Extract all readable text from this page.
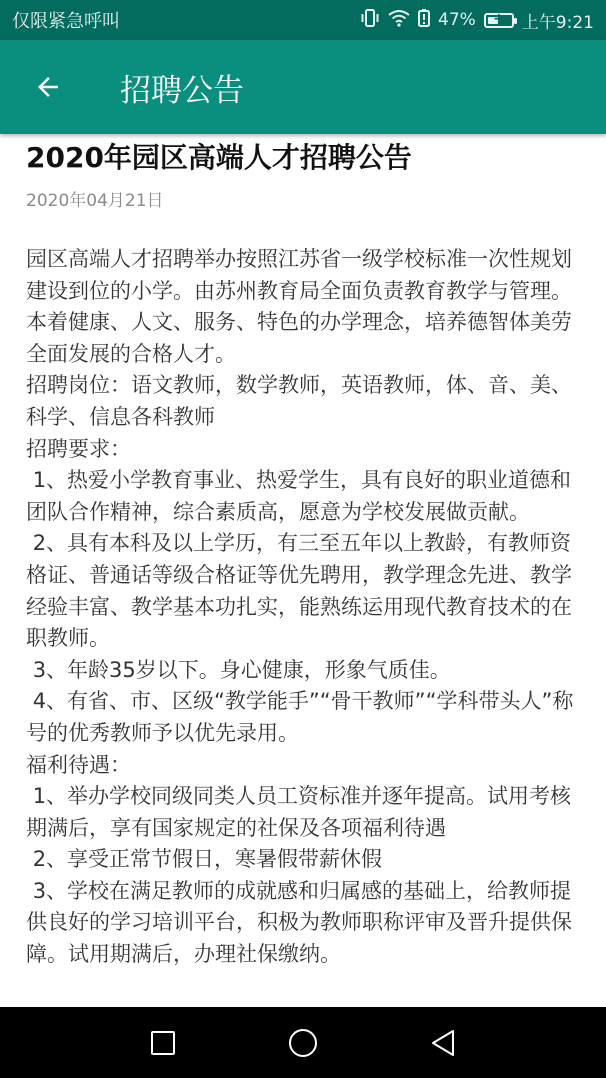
仅限紧急呼叫	47%	+	上午9:21
招聘公告
2020年园区高端人才招聘公告
2020年04月21日

园区高端人才招聘举办按照江苏省一级学校标准一次性规划建设到位的小学。由苏州教育局全面负责教育教学与管理。本着健康、人文、服务、特色的办学理念，培养德智体美劳全面发展的合格人才。

招聘岗位：语文教师，数学教师，英语教师，体、音、美、科学、信息各科教师

招聘要求：

1、热爱小学教育事业、热爱学生，具有良好的职业道德和团队合作精神，综合素质高，愿意为学校发展做贡献。

2、具有本科及以上学历，有三至五年以上教龄，有教师资格证、普通话等级合格证等优先聘用，教学理念先进、教学经验丰富、教学基本功扎实，能熟练运用现代教育技术的在职教师。

3、年龄35岁以下。身心健康，形象气质佳。

4、有省、市、区级“教学能手”“骨干教师”“学科带头人”称号的优秀教师予以优先录用。

福利待遇：

1、举办学校同级同类人员工资标准并逐年提高。试用考核期满后，享有国家规定的社保及各项福利待遇

2、享受正常节假日，寒暑假带薪休假

3、学校在满足教师的成就感和归属感的基础上，给教师提供良好的学习培训平台，积极为教师职称评审及晋升提供保障。试用期满后，办理社保缴纳。
